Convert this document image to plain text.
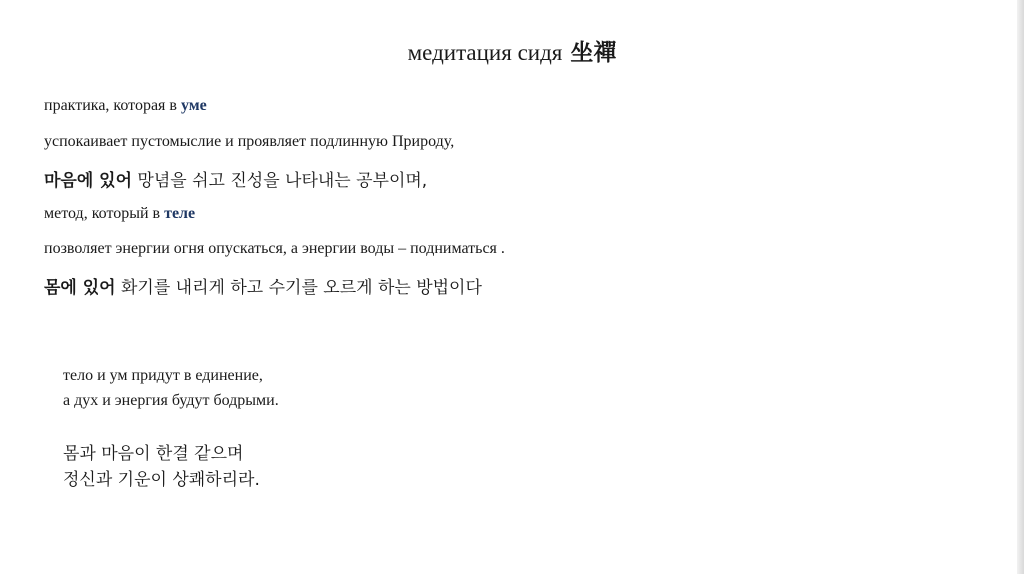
медитация сидя 坐禪
практика, которая в уме
успокаивает пустомыслие и проявляет подлинную Природу,
마음에 있어 망념을 쉬고 진성을 나타내는 공부이며,
метод, который в теле
позволяет энергии огня опускаться, а энергии воды – подниматься .
몸에 있어 화기를 내리게 하고 수기를 오르게 하는 방법이다
тело и ум придут в единение,
а дух и энергия будут бодрыми.
몸과 마음이 한결 같으며
정신과 기운이 상쾌하리라.
